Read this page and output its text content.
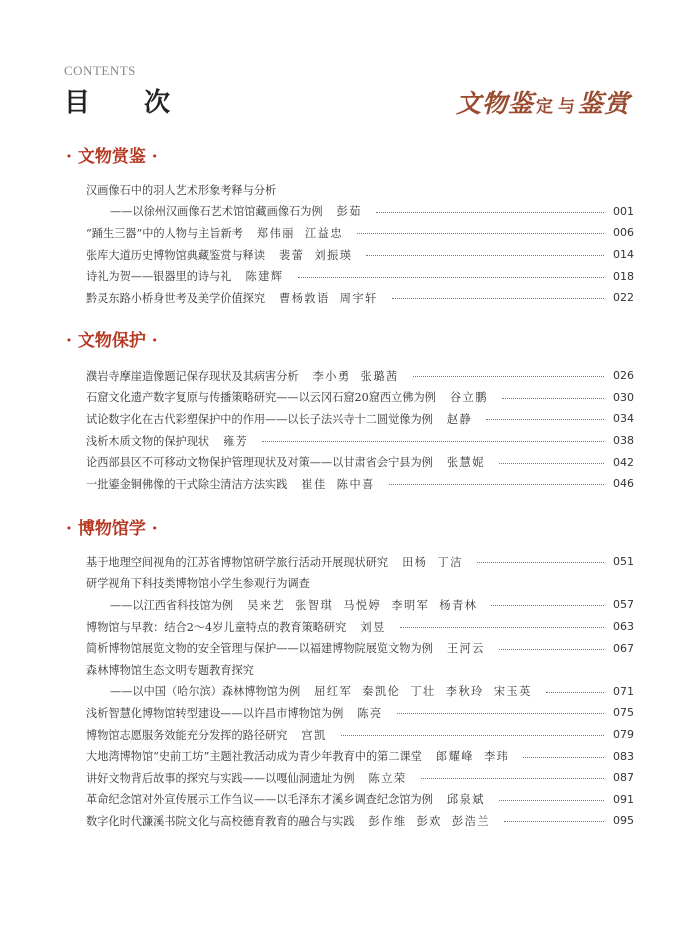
CONTENTS
目　次	文物鉴 定 与鉴赏
· 文物赏鉴 ·
汉画像石中的羽人艺术形象考释与分析
——以徐州汉画像石艺术馆馆藏画像石为例 彭茹	001
“踊生三器”中的人物与主旨新考 郑伟丽 江益忠	006
张库大道历史博物馆典藏鉴赏与释读 裴蕾 刘振瑛	014
诗礼为贺——银器里的诗与礼 陈建辉	018
黔灵东路小桥身世考及美学价值探究 曹杨敦语 周宇轩	022
· 文物保护 ·
濮岩寺摩崖造像题记保存现状及其病害分析 李小勇 张璐茜	026
石窟文化遗产数字复原与传播策略研究——以云冈石窟20窟西立佛为例 谷立鹏	030
试论数字化在古代彩塑保护中的作用——以长子法兴寺十二圆觉像为例 赵静	034
浅析木质文物的保护现状 雍芳	038
论西部县区不可移动文物保护管理现状及对策——以甘肃省会宁县为例 张慧妮	042
一批鎏金铜佛像的干式除尘清洁方法实践 崔佳 陈中喜	046
· 博物馆学 ·
基于地理空间视角的江苏省博物馆研学旅行活动开展现状研究 田杨 丁洁	051
研学视角下科技类博物馆小学生参观行为调查
——以江西省科技馆为例 吴来艺 张智琪 马悦婷 李明军 杨青林	057
博物馆与早教：结合2～4岁儿童特点的教育策略研究 刘昱	063
简析博物馆展览文物的安全管理与保护——以福建博物院展览文物为例 王河云	067
森林博物馆生态文明专题教育探究
——以中国（哈尔滨）森林博物馆为例 屈红军 秦凯伦 丁壮 李秋玲 宋玉英	071
浅析智慧化博物馆转型建设——以许昌市博物馆为例 陈亮	075
博物馆志愿服务效能充分发挥的路径研究 宫凯	079
大地湾博物馆“史前工坊”主题社教活动成为青少年教育中的第二课堂 郎耀峰 李玮	083
讲好文物背后故事的探究与实践——以嘎仙洞遗址为例 陈立荣	087
革命纪念馆对外宣传展示工作刍议——以毛泽东才溪乡调查纪念馆为例 邱泉斌	091
数字化时代濂溪书院文化与高校德育教育的融合与实践 彭作维 彭欢 彭浩兰	095
